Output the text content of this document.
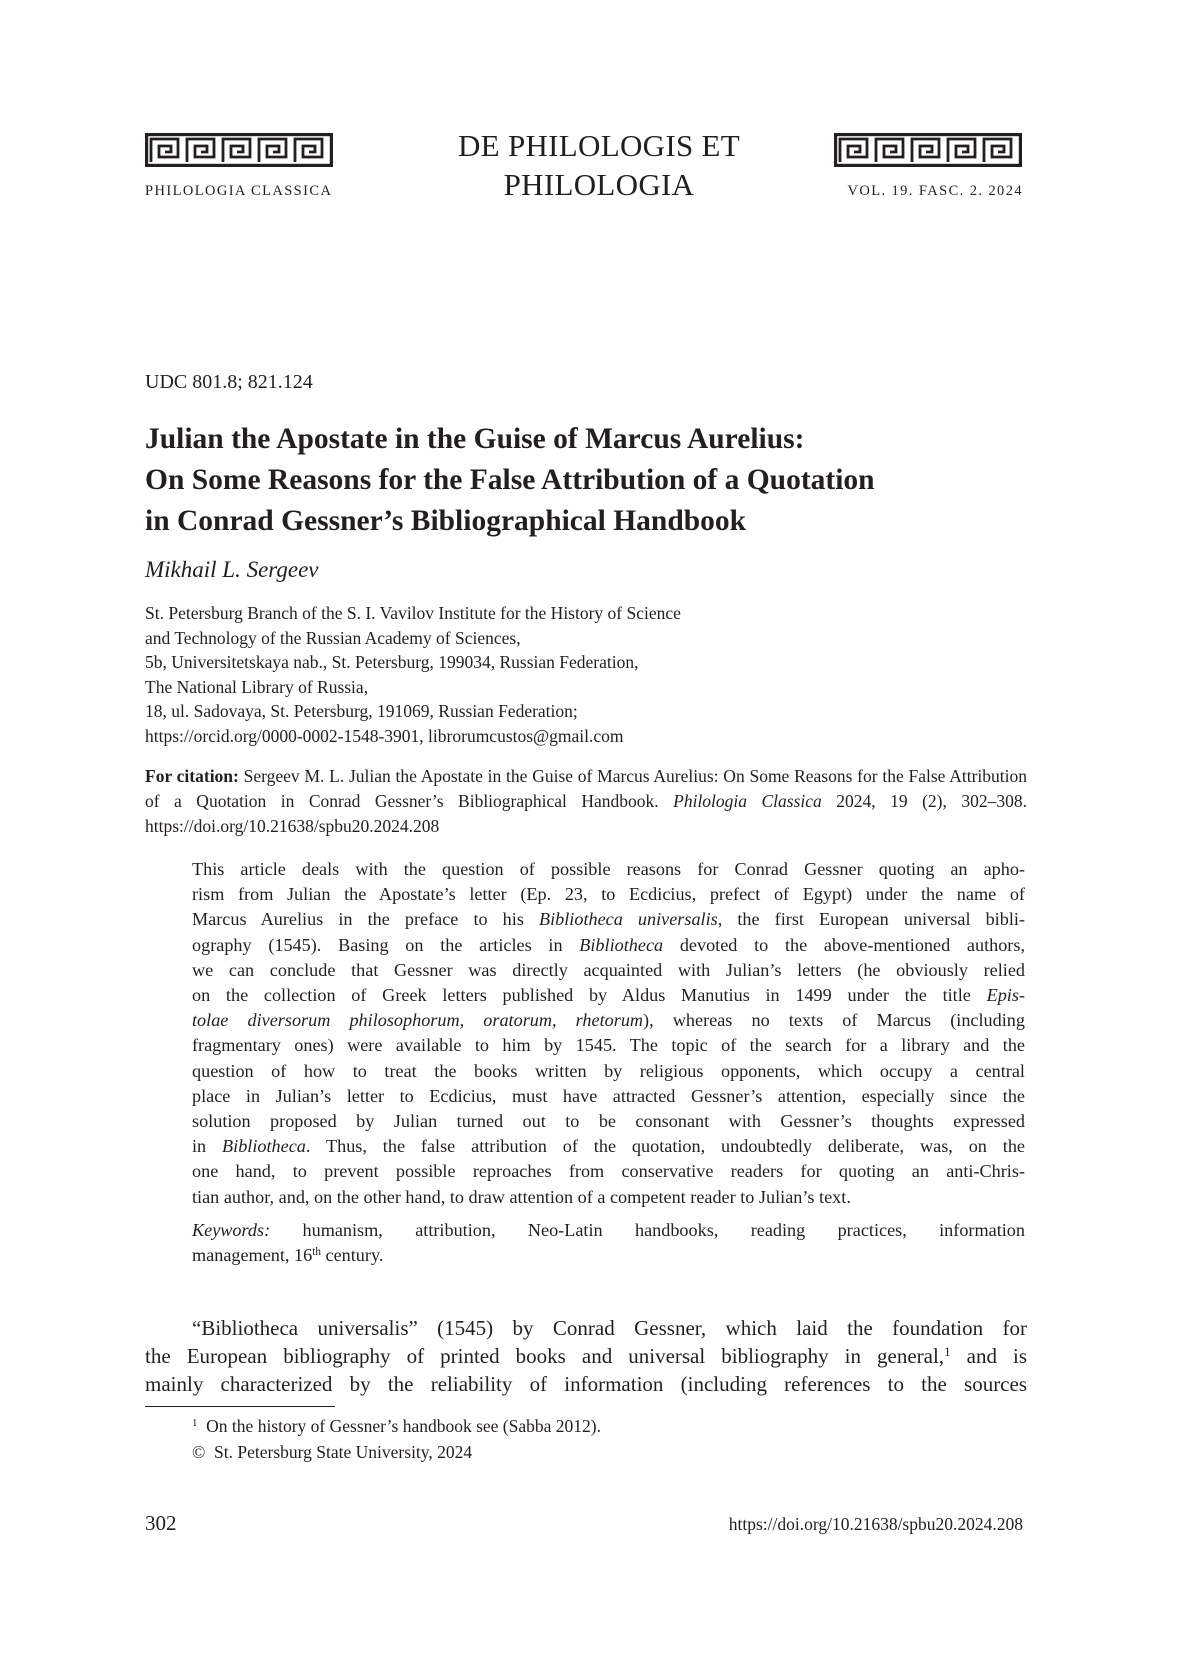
PHILOLOGIA CLASSICA
DE PHILOLOGIS ET
PHILOLOGIA	VOL. 19. FASC. 2. 2024
UDC 801.8; 821.124
Julian the Apostate in the Guise of Marcus Aurelius:
On Some Reasons for the False Attribution of a Quotation
in Conrad Gessner’s Bibliographical Handbook
Mikhail L. Sergeev
St. Petersburg Branch of the S. I. Vavilov Institute for the History of Science
and Technology of the Russian Academy of Sciences,
5b, Universitetskaya nab., St. Petersburg, 199034, Russian Federation,
The National Library of Russia,
18, ul. Sadovaya, St. Petersburg, 191069, Russian Federation;
https://orcid.org/0000-0002-1548-3901, librorumcustos@gmail.com
For citation: Sergeev M. L. Julian the Apostate in the Guise of Marcus Aurelius: On Some Reasons for the False Attribution of a Quotation in Conrad Gessner’s Bibliographical Handbook. Philologia Classica 2024, 19 (2), 302–308. https://doi.org/10.21638/spbu20.2024.208
This article deals with the question of possible reasons for Conrad Gessner quoting an apho-
rism from Julian the Apostate’s letter (Ep. 23, to Ecdicius, prefect of Egypt) under the name of
Marcus Aurelius in the preface to his Bibliotheca universalis, the first European universal bibli-
ography (1545). Basing on the articles in Bibliotheca devoted to the above-mentioned authors,
we can conclude that Gessner was directly acquainted with Julian’s letters (he obviously relied
on the collection of Greek letters published by Aldus Manutius in 1499 under the title Epis-
tolae diversorum philosophorum, oratorum, rhetorum), whereas no texts of Marcus (including
fragmentary ones) were available to him by 1545. The topic of the search for a library and the
question of how to treat the books written by religious opponents, which occupy a central
place in Julian’s letter to Ecdicius, must have attracted Gessner’s attention, especially since the
solution proposed by Julian turned out to be consonant with Gessner’s thoughts expressed
in Bibliotheca. Thus, the false attribution of the quotation, undoubtedly deliberate, was, on the
one hand, to prevent possible reproaches from conservative readers for quoting an anti-Chris-
tian author, and, on the other hand, to draw attention of a competent reader to Julian’s text.
Keywords: humanism, attribution, Neo-Latin handbooks, reading practices, information
management, 16th century.
“Bibliotheca universalis” (1545) by Conrad Gessner, which laid the foundation for
the European bibliography of printed books and universal bibliography in general,$^1$ and is
mainly characterized by the reliability of information (including references to the sources
$^1$ On the history of Gessner’s handbook see (Sabba 2012).
© St. Petersburg State University, 2024
302	https://doi.org/10.21638/spbu20.2024.208
